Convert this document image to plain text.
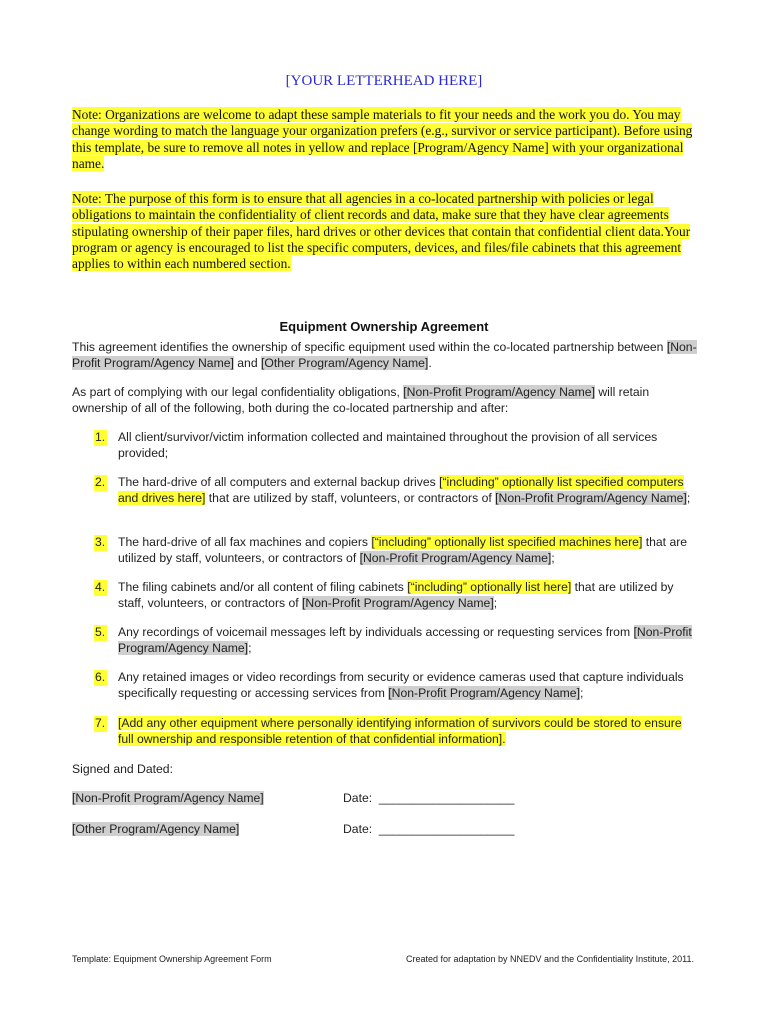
[YOUR LETTERHEAD HERE]

Note: Organizations are welcome to adapt these sample materials to fit your needs and the work you do. You may change wording to match the language your organization prefers (e.g., survivor or service participant). Before using this template, be sure to remove all notes in yellow and replace [Program/Agency Name] with your organizational name.

Note: The purpose of this form is to ensure that all agencies in a co-located partnership with policies or legal obligations to maintain the confidentiality of client records and data, make sure that they have clear agreements stipulating ownership of their paper files, hard drives or other devices that contain that confidential client data.Your program or agency is encouraged to list the specific computers, devices, and files/file cabinets that this agreement applies to within each numbered section.

Equipment Ownership Agreement

This agreement identifies the ownership of specific equipment used within the co-located partnership between [Non-Profit Program/Agency Name] and [Other Program/Agency Name].

As part of complying with our legal confidentiality obligations, [Non-Profit Program/Agency Name] will retain ownership of all of the following, both during the co-located partnership and after:

1. All client/survivor/victim information collected and maintained throughout the provision of all services provided;
2. The hard-drive of all computers and external backup drives [“including” optionally list specified computers and drives here] that are utilized by staff, volunteers, or contractors of [Non-Profit Program/Agency Name];
3. The hard-drive of all fax machines and copiers [“including” optionally list specified machines here] that are utilized by staff, volunteers, or contractors of [Non-Profit Program/Agency Name];
4. The filing cabinets and/or all content of filing cabinets [“including” optionally list here] that are utilized by staff, volunteers, or contractors of [Non-Profit Program/Agency Name];
5. Any recordings of voicemail messages left by individuals accessing or requesting services from [Non-Profit Program/Agency Name];
6. Any retained images or video recordings from security or evidence cameras used that capture individuals specifically requesting or accessing services from [Non-Profit Program/Agency Name];
7. [Add any other equipment where personally identifying information of survivors could be stored to ensure full ownership and responsible retention of that confidential information].
Signed and Dated:
[Non-Profit Program/Agency Name]	Date:  ____________________
[Other Program/Agency Name]	Date:  ____________________
Template: Equipment Ownership Agreement Form	Created for adaptation by NNEDV and the Confidentiality Institute, 2011.
